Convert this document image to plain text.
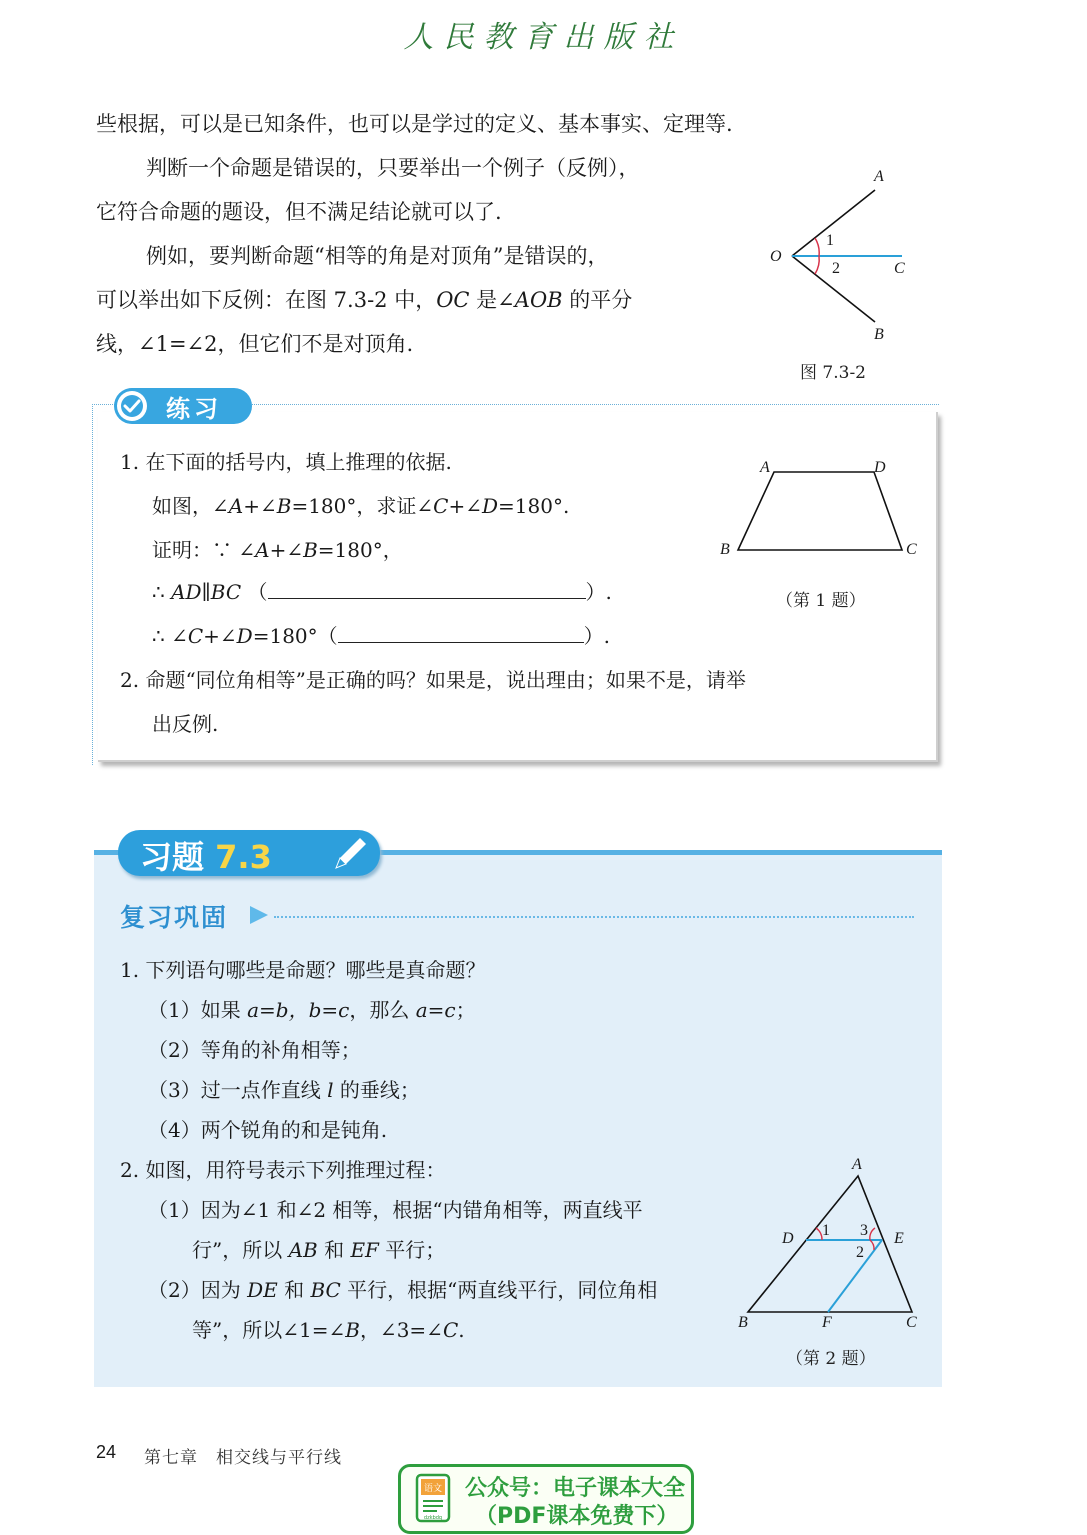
人民教育出版社
些根据，可以是已知条件，也可以是学过的定义、基本事实、定理等.
判断一个命题是错误的，只要举出一个例子（反例），
它符合命题的题设，但不满足结论就可以了.
例如，要判断命题“相等的角是对顶角”是错误的，
可以举出如下反例：在图 7.3-2 中，OC 是∠AOB 的平分
线，∠1=∠2，但它们不是对顶角.
A
O
C
B
1
2
图 7.3-2
练习
1. 在下面的括号内，填上推理的依据.
如图，∠A+∠B=180°，求证∠C+∠D=180°.
证明：∵ ∠A+∠B=180°，
∴ AD∥BC （	）.
∴ ∠C+∠D=180°（	）.
2. 命题“同位角相等”是正确的吗？如果是，说出理由；如果不是，请举
出反例.
A	D
B	C
（第 1 题）
习题 7.3
复习巩固
1. 下列语句哪些是命题？哪些是真命题？
（1）如果 a=b，b=c，那么 a=c；
（2）等角的补角相等；
（3）过一点作直线 l 的垂线；
（4）两个锐角的和是钝角.
2. 如图，用符号表示下列推理过程：
（1）因为∠1 和∠2 相等，根据“内错角相等，两直线平
行”，所以 AB 和 EF 平行；
（2）因为 DE 和 BC 平行，根据“两直线平行，同位角相
等”，所以∠1=∠B，∠3=∠C.
A
D	E
B	F	C
1
2
3
（第 2 题）
24 第七章　相交线与平行线
语文
dzkbdq
公众号：电子课本大全
（PDF课本免费下）
